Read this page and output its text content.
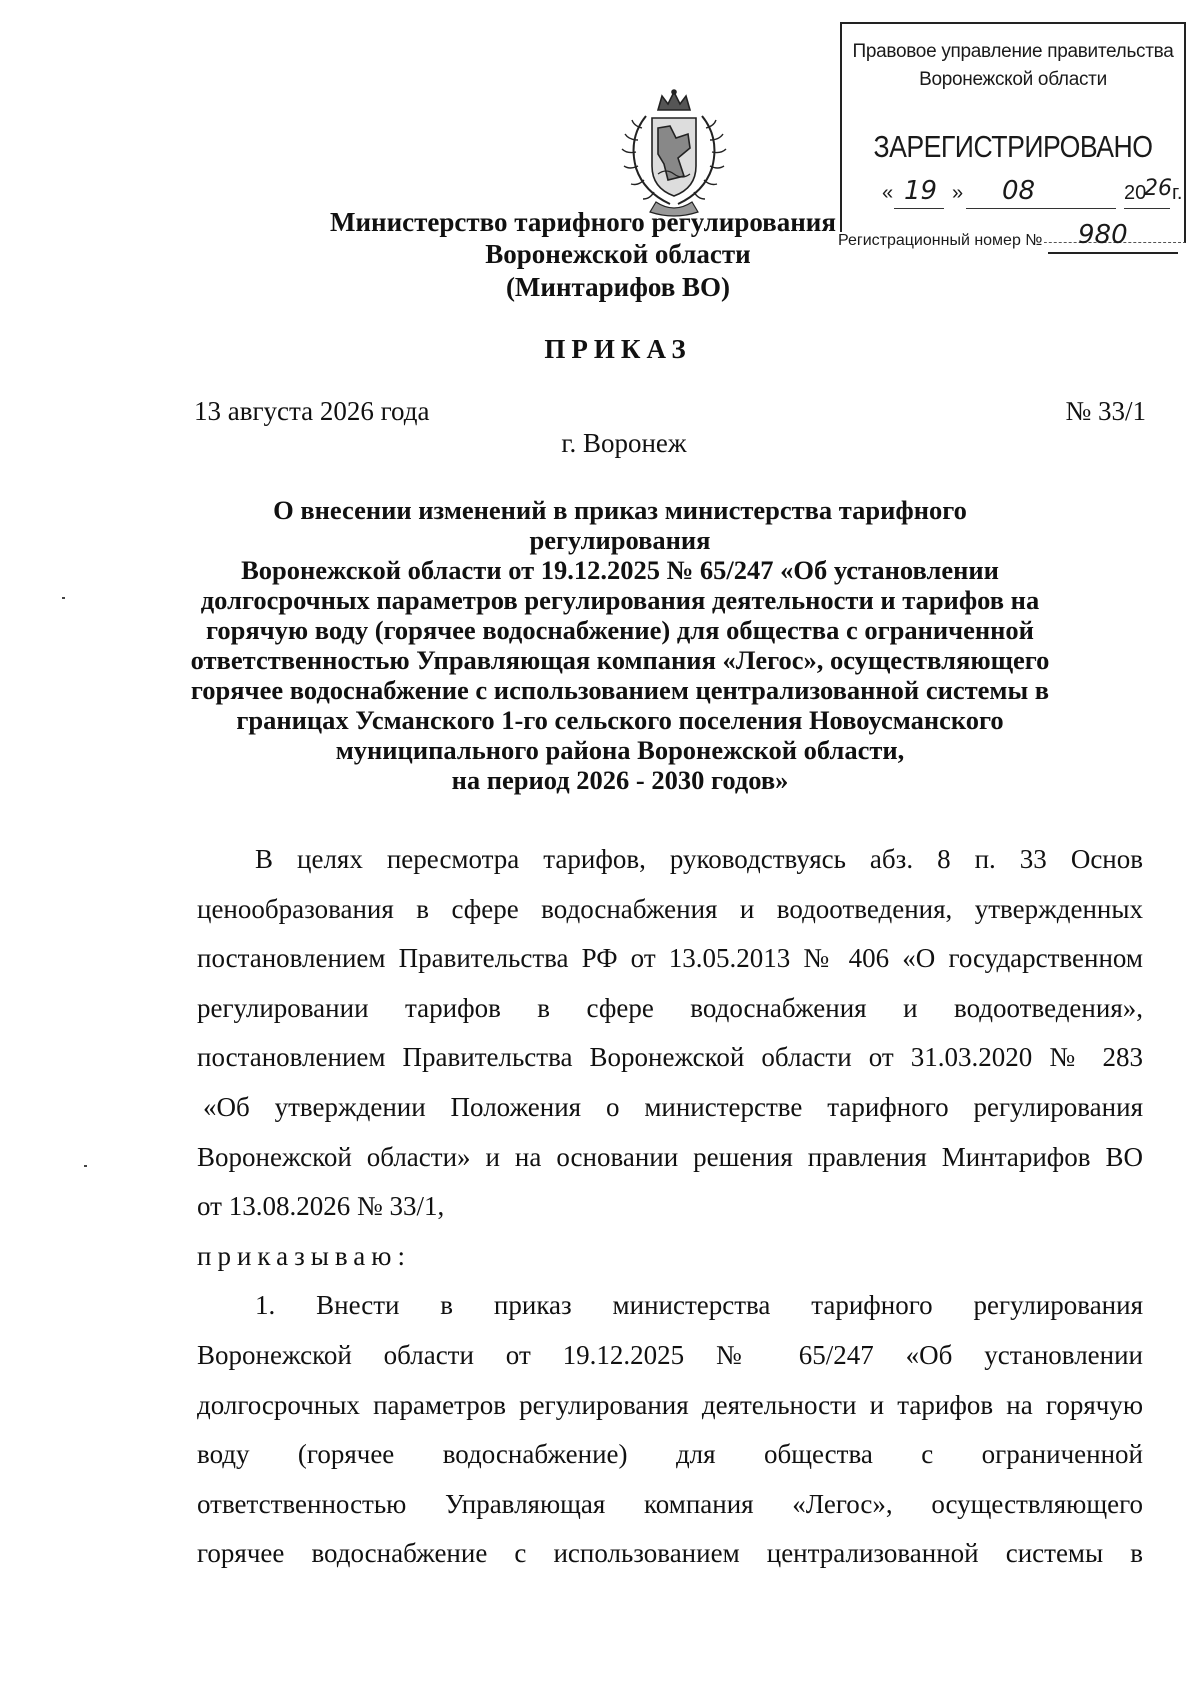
Правовое управление правительства
Воронежской области
ЗАРЕГИСТРИРОВАНО
« 19 » 08	20
26 г.
Регистрационный номер № 980
Министерство тарифного регулирования
Воронежской области
(Минтарифов ВО)
ПРИКАЗ
13 августа 2026 года	№ 33/1
г. Воронеж
О внесении изменений в приказ министерства тарифного регулирования
Воронежской области от 19.12.2025 № 65/247 «Об установлении
долгосрочных параметров регулирования деятельности и тарифов на
горячую воду (горячее водоснабжение) для общества с ограниченной
ответственностью Управляющая компания «Легос», осуществляющего
горячее водоснабжение с использованием централизованной системы в
границах Усманского 1-го сельского поселения Новоусманского
муниципального района Воронежской области,
на период 2026 - 2030 годов»
В целях пересмотра тарифов, руководствуясь абз. 8 п. 33 Основ
ценообразования в сфере водоснабжения и водоотведения, утвержденных
постановлением Правительства РФ от 13.05.2013 № 406 «О государственном
регулировании тарифов в сфере водоснабжения и водоотведения»,
постановлением Правительства Воронежской области от 31.03.2020 № 283
«Об утверждении Положения о министерстве тарифного регулирования
Воронежской области» и на основании решения правления Минтарифов ВО
от 13.08.2026 № 33/1,
приказываю:
1. Внести в приказ министерства тарифного регулирования
Воронежской области от 19.12.2025 № 65/247 «Об установлении
долгосрочных параметров регулирования деятельности и тарифов на горячую
воду (горячее водоснабжение) для общества с ограниченной
ответственностью Управляющая компания «Легос», осуществляющего
горячее водоснабжение с использованием централизованной системы в
